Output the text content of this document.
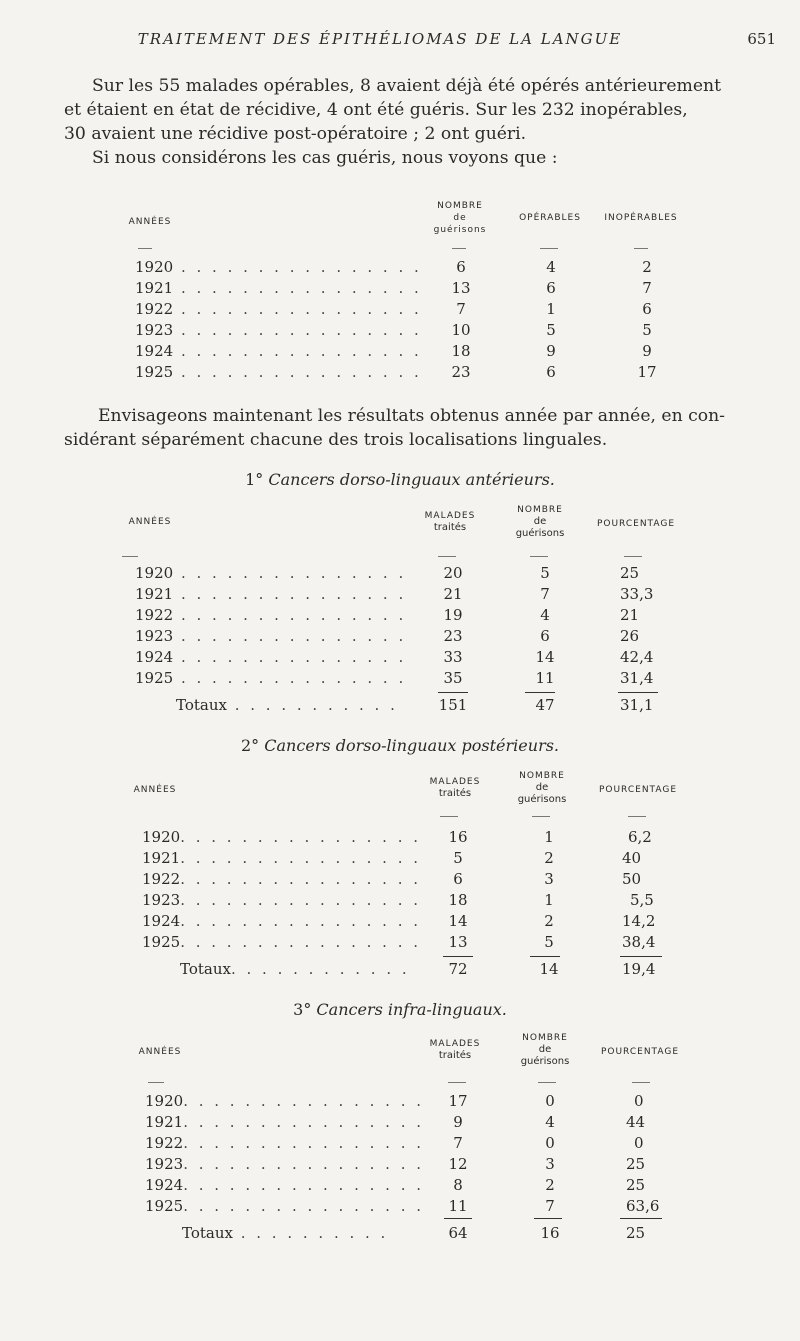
TRAITEMENT DES ÉPITHÉLIOMAS DE LA LANGUE	651

Sur les 55 malades opérables, 8 avaient déjà été opérés antérieurement
et étaient en état de récidive, 4 ont été guéris. Sur les 232 inopérables,
30 avaient une récidive post-opératoire ; 2 ont guéri.
Si nous considérons les cas guéris, nous voyons que :

ANNÉES
NOMBRE
de
guérisons
OPÉRABLES	INOPÉRABLES
1920 . . . . . . . . . . . . . . . .	6	4	2
1921 . . . . . . . . . . . . . . . .	13	6	7
1922 . . . . . . . . . . . . . . . .	7	1	6
1923 . . . . . . . . . . . . . . . .	10	5	5
1924 . . . . . . . . . . . . . . . .	18	9	9
1925 . . . . . . . . . . . . . . . .	23	6	17

Envisageons maintenant les résultats obtenus année par année, en con-
sidérant séparément chacune des trois localisations linguales.

1° Cancers dorso-linguaux antérieurs.
ANNÉES
MALADES
traités
NOMBRE
de
guérisons
POURCENTAGE
1920 . . . . . . . . . . . . . . .	20	5	25
1921 . . . . . . . . . . . . . . .	21	7	33,3
1922 . . . . . . . . . . . . . . .	19	4	21
1923 . . . . . . . . . . . . . . .	23	6	26
1924 . . . . . . . . . . . . . . .	33	14	42,4
1925 . . . . . . . . . . . . . . .	35	11	31,4
Totaux . . . . . . . . . . .	151	47	31,1
2° Cancers dorso-linguaux postérieurs.
ANNÉES
MALADES
traités
NOMBRE
de
guérisons
POURCENTAGE
1920. . . . . . . . . . . . . . . .	16	1	6,2
1921. . . . . . . . . . . . . . . .	5	2	40
1922. . . . . . . . . . . . . . . .	6	3	50
1923. . . . . . . . . . . . . . . .	18	1	5,5
1924. . . . . . . . . . . . . . . .	14	2	14,2
1925. . . . . . . . . . . . . . . .	13	5	38,4
Totaux. . . . . . . . . . . .	72	14	19,4
3° Cancers infra-linguaux.
ANNÉES
MALADES
traités
NOMBRE
de
guérisons
POURCENTAGE
1920. . . . . . . . . . . . . . . .	17	0	0
1921. . . . . . . . . . . . . . . .	9	4	44
1922. . . . . . . . . . . . . . . .	7	0	0
1923. . . . . . . . . . . . . . . .	12	3	25
1924. . . . . . . . . . . . . . . .	8	2	25
1925. . . . . . . . . . . . . . . .	11	7	63,6
Totaux . . . . . . . . . .	64	16	25
